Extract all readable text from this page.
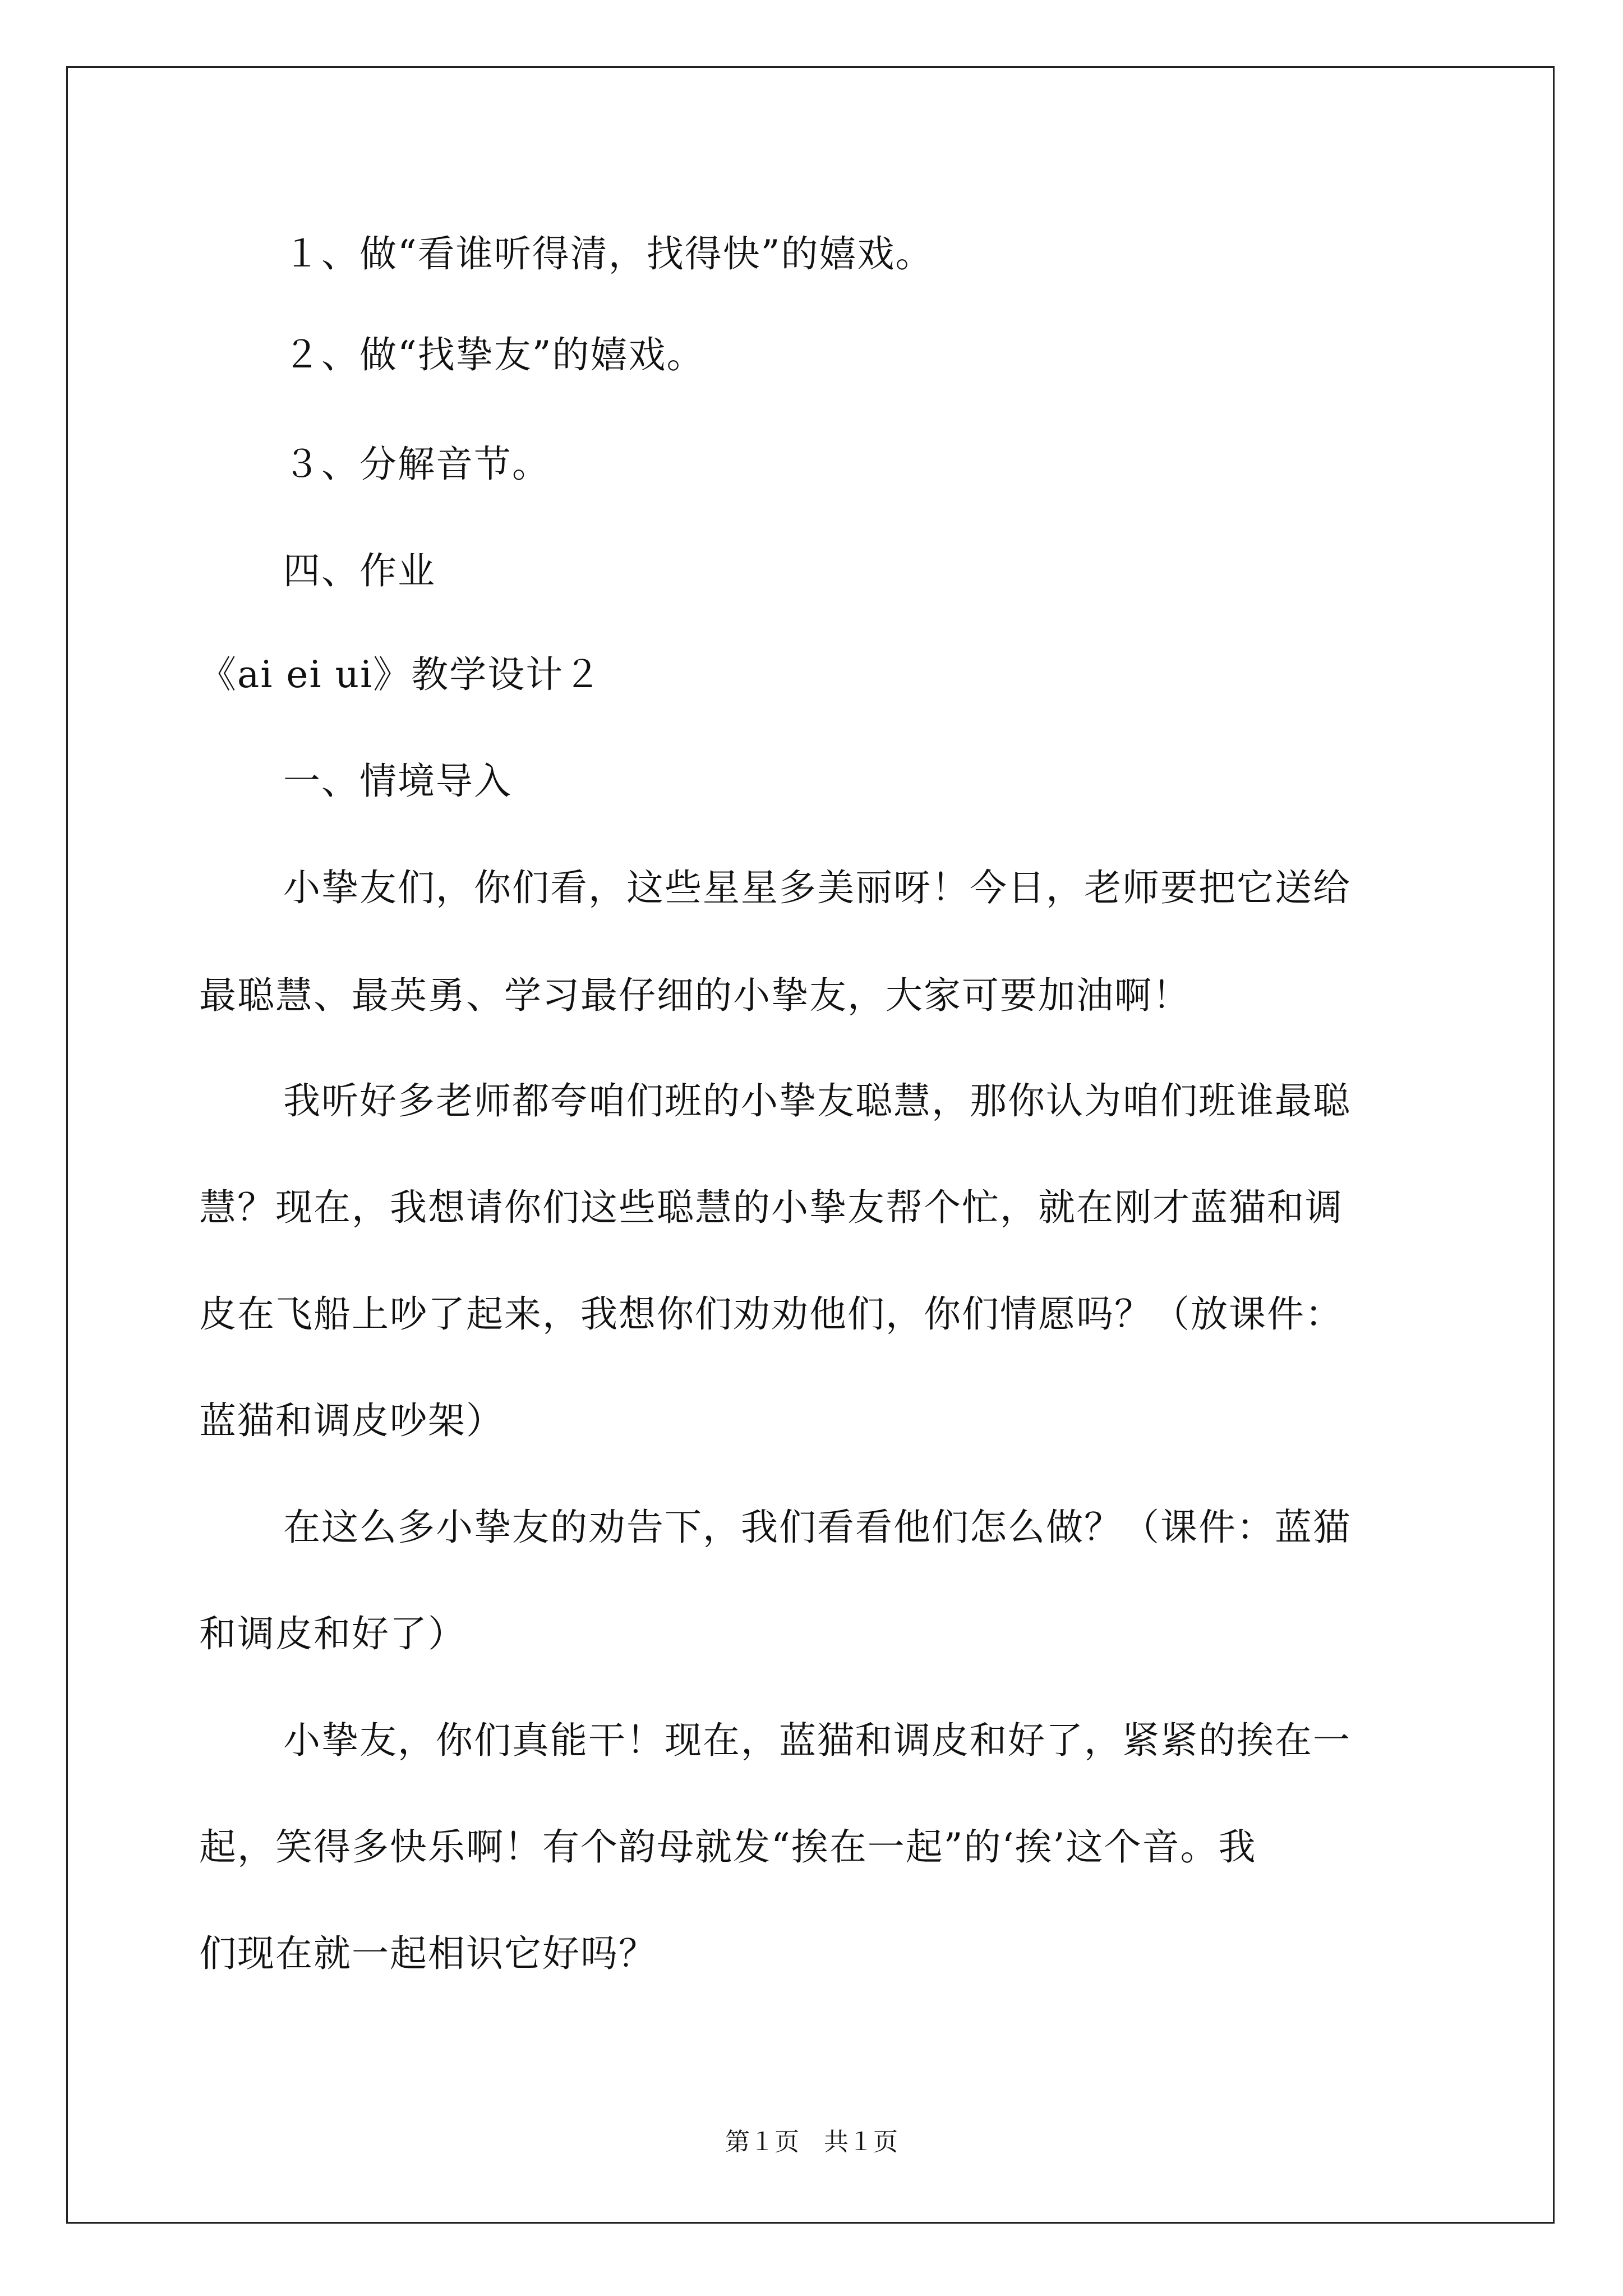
１、做“看谁听得清，找得快”的嬉戏。
２、做“找挚友”的嬉戏。
３、分解音节。
四、作业
《ai ei ui》教学设计２
一、情境导入
小挚友们，你们看，这些星星多美丽呀！今日，老师要把它送给
最聪慧、最英勇、学习最仔细的小挚友，大家可要加油啊！
我听好多老师都夸咱们班的小挚友聪慧，那你认为咱们班谁最聪
慧？现在，我想请你们这些聪慧的小挚友帮个忙，就在刚才蓝猫和调
皮在飞船上吵了起来，我想你们劝劝他们，你们情愿吗？（放课件：
蓝猫和调皮吵架）
在这么多小挚友的劝告下，我们看看他们怎么做？（课件：蓝猫
和调皮和好了）
小挚友，你们真能干！现在，蓝猫和调皮和好了，紧紧的挨在一
起，笑得多快乐啊！有个韵母就发“挨在一起”的‘挨’这个音。我
们现在就一起相识它好吗？
第１页　共１页
